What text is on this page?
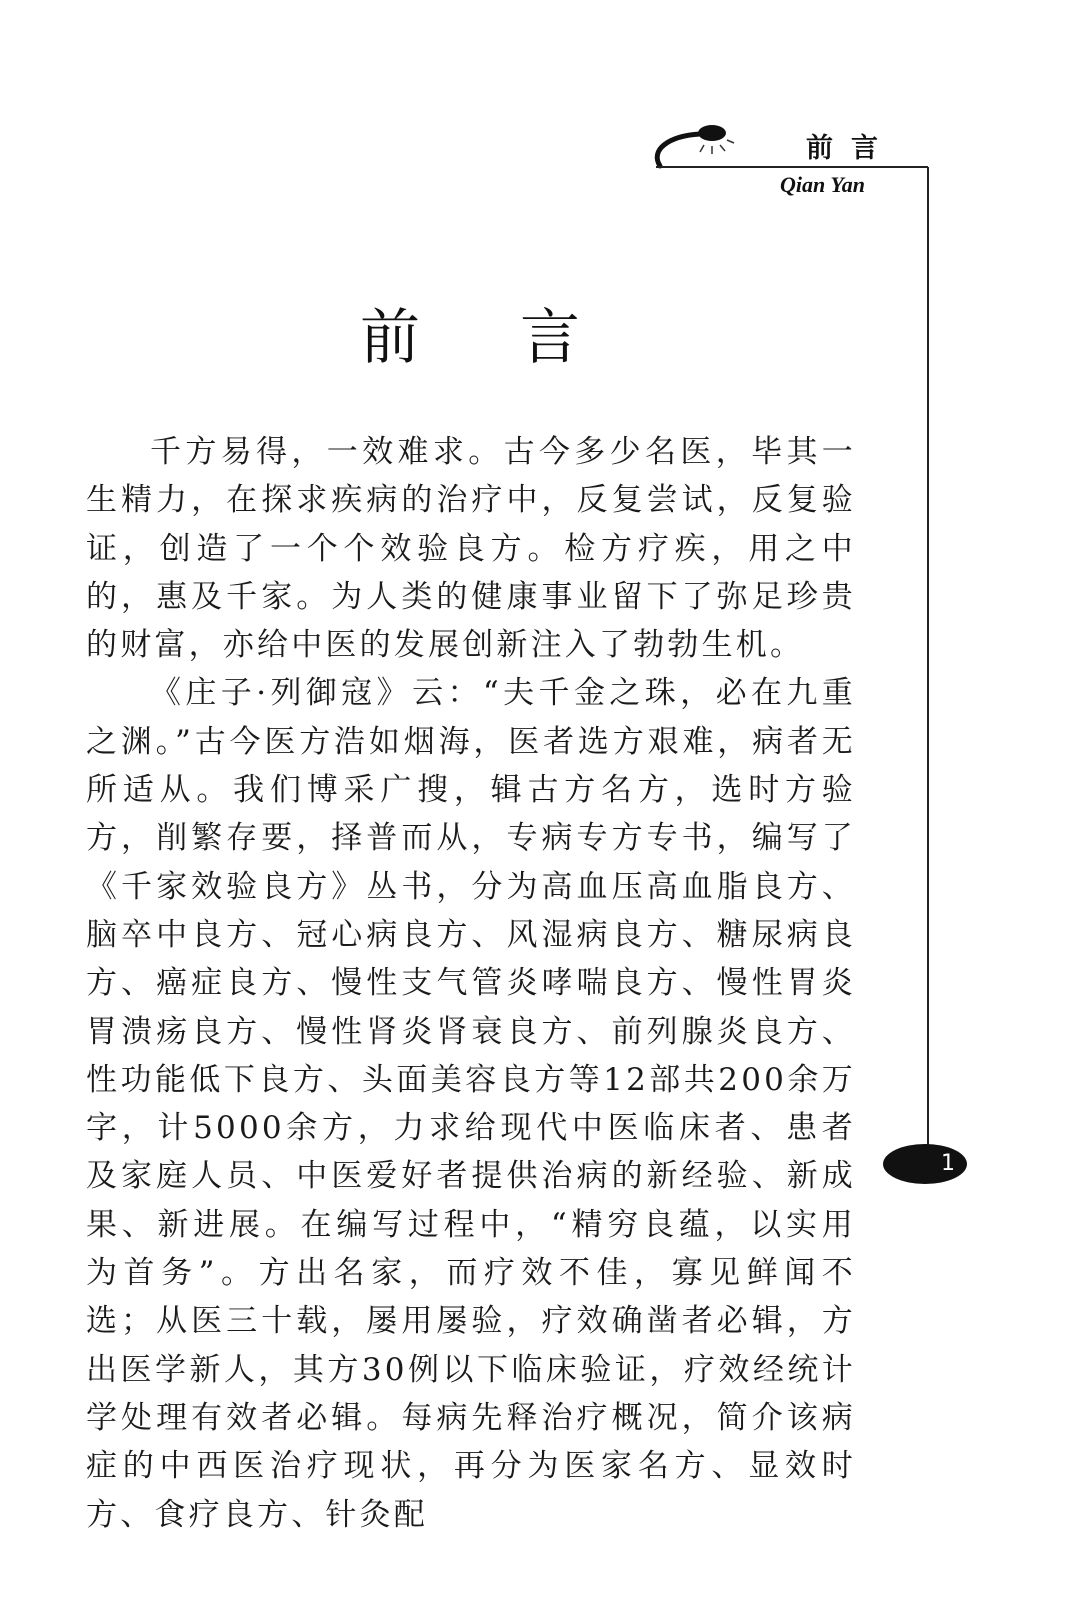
前言
Qian Yan
前言

千方易得，一效难求。古今多少名医，毕其一生精力，在探求疾病的治疗中，反复尝试，反复验证，创造了一个个效验良方。检方疗疾，用之中的，惠及千家。为人类的健康事业留下了弥足珍贵的财富，亦给中医的发展创新注入了勃勃生机。

《庄子·列御寇》云：“夫千金之珠，必在九重之渊。”古今医方浩如烟海，医者选方艰难，病者无所适从。我们博采广搜，辑古方名方，选时方验方，削繁存要，择普而从，专病专方专书，编写了《千家效验良方》丛书，分为高血压高血脂良方、脑卒中良方、冠心病良方、风湿病良方、糖尿病良方、癌症良方、慢性支气管炎哮喘良方、慢性胃炎胃溃疡良方、慢性肾炎肾衰良方、前列腺炎良方、性功能低下良方、头面美容良方等12部共200余万字，计5000余方，力求给现代中医临床者、患者及家庭人员、中医爱好者提供治病的新经验、新成果、新进展。在编写过程中，“精穷良蕴，以实用为首务”。方出名家，而疗效不佳，寡见鲜闻不选；从医三十载，屡用屡验，疗效确凿者必辑，方出医学新人，其方30例以下临床验证，疗效经统计学处理有效者必辑。每病先释治疗概况，简介该病症的中西医治疗现状，再分为医家名方、显效时方、食疗良方、针灸配

1
